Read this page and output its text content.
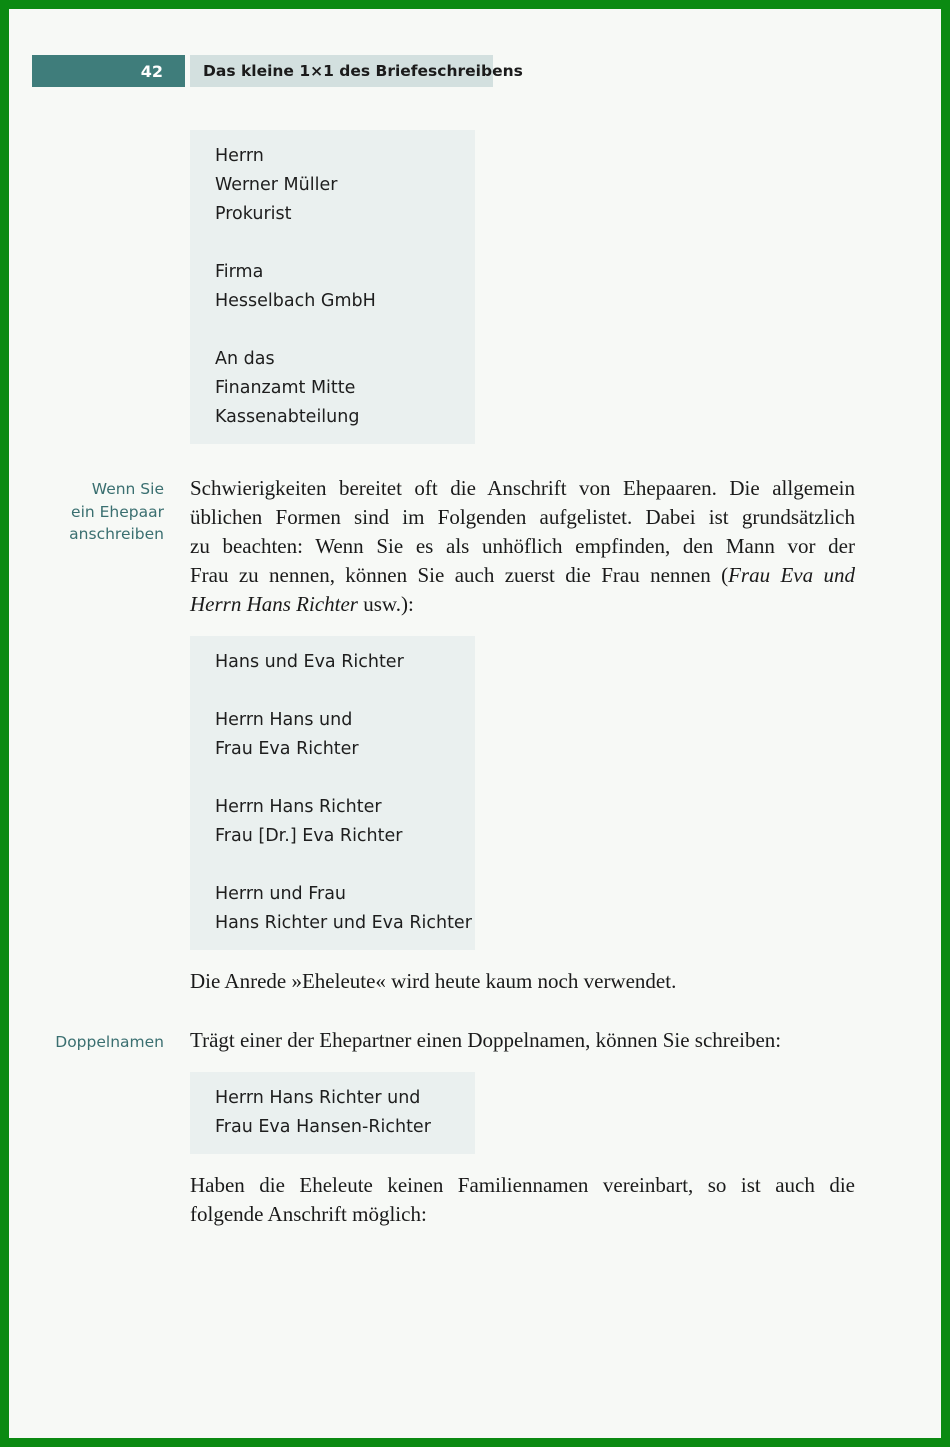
42	Das kleine 1×1 des Briefeschreibens
Herrn
Werner Müller
Prokurist
Firma
Hesselbach GmbH
An das
Finanzamt Mitte
Kassenabteilung
Wenn Sie
ein Ehepaar
anschreiben
Schwierigkeiten bereitet oft die Anschrift von Ehepaaren. Die allgemein
üblichen Formen sind im Folgenden aufgelistet. Dabei ist grundsätzlich
zu beachten: Wenn Sie es als unhöflich empfinden, den Mann vor der
Frau zu nennen, können Sie auch zuerst die Frau nennen (Frau Eva und
Herrn Hans Richter usw.):
Hans und Eva Richter
Herrn Hans und
Frau Eva Richter
Herrn Hans Richter
Frau [Dr.] Eva Richter
Herrn und Frau
Hans Richter und Eva Richter
Die Anrede »Eheleute« wird heute kaum noch verwendet.
Doppelnamen Trägt einer der Ehepartner einen Doppelnamen, können Sie schreiben:
Herrn Hans Richter und
Frau Eva Hansen-Richter
Haben die Eheleute keinen Familiennamen vereinbart, so ist auch die
folgende Anschrift möglich:
